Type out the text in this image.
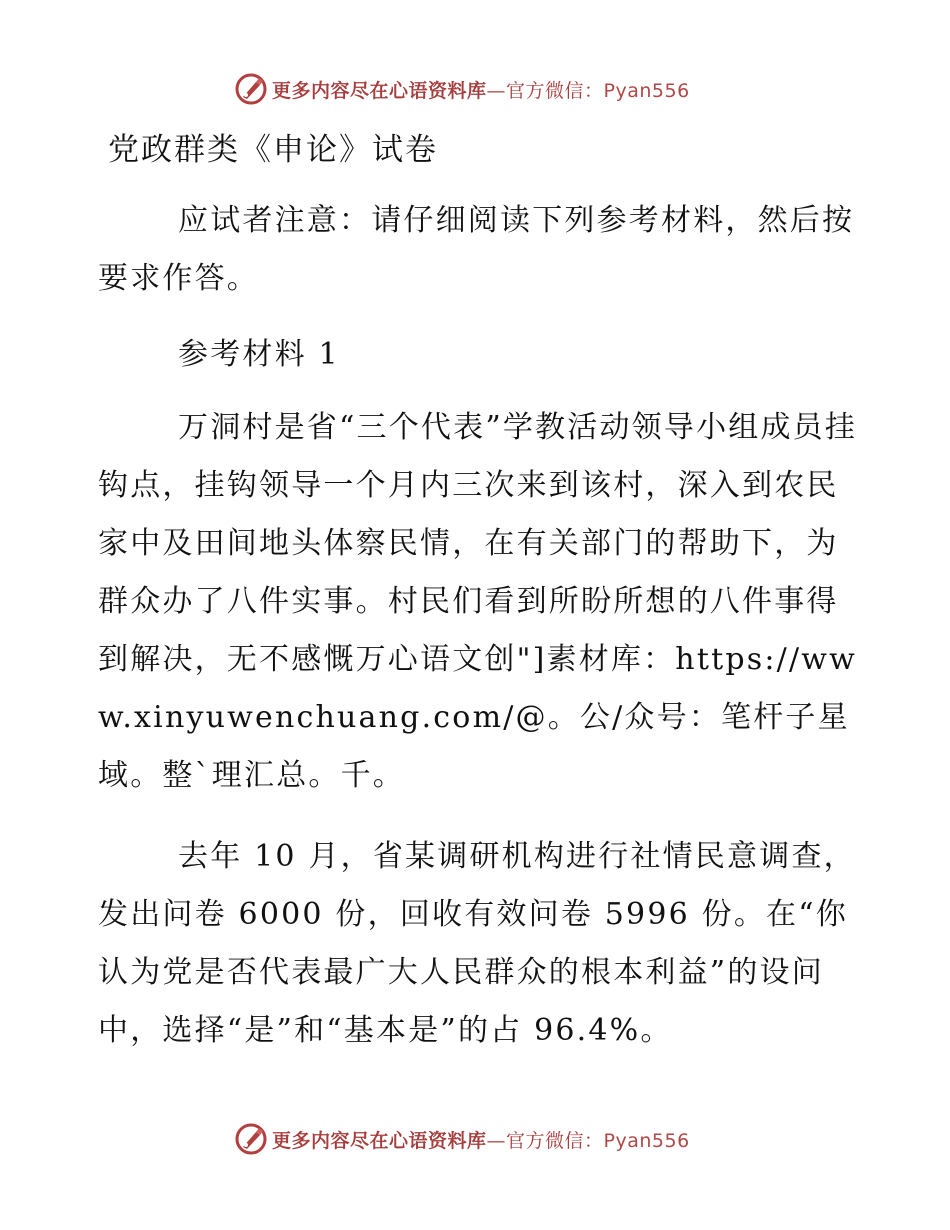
更多内容尽在心语资料库—官方微信：Pyan556
党政群类《申论》试卷

应试者注意：请仔细阅读下列参考材料，然后按要求作答。

参考材料 1

万洞村是省“三个代表”学教活动领导小组成员挂钩点，挂钩领导一个月内三次来到该村，深入到农民家中及田间地头体察民情，在有关部门的帮助下，为群众办了八件实事。村民们看到所盼所想的八件事得到解决，无不感慨万心语文创"]素材库：https://www.xinyuwenchuang.com/@。公/众号：笔杆子星域。整`理汇总。千。

去年 10 月，省某调研机构进行社情民意调查，发出问卷 6000 份，回收有效问卷 5996 份。在“你认为党是否代表最广大人民群众的根本利益”的设问中，选择“是”和“基本是”的占 96.4%。

更多内容尽在心语资料库—官方微信：Pyan556
